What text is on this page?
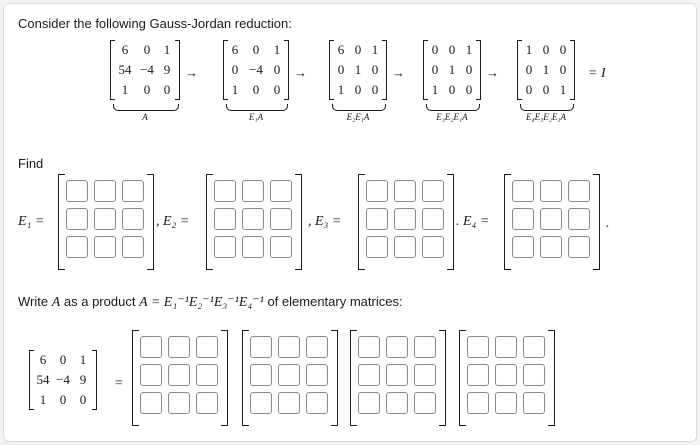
Consider the following Gauss-Jordan reduction:
= I
Find
Write A as a product A = E₁⁻¹E₂⁻¹E₃⁻¹E₄⁻¹ of elementary matrices:
6	0	1
54 −4 9
1	0	0
A
→
6	0	1
0 −4 0
1	0	0
E₁A
→
6 0 1
0 1 0
1 0 0
E₂E₁A
→
0 0 1
0 1 0
1 0 0
E₃E₂E₁A
→
1 0 0
0 1 0
0 0 1
E₄E₃E₂E₁A
E₁ =	, E₂ =	, E₃ =	. E₄ =	.
6	0	1
54 −4 9
1	0	0
=
